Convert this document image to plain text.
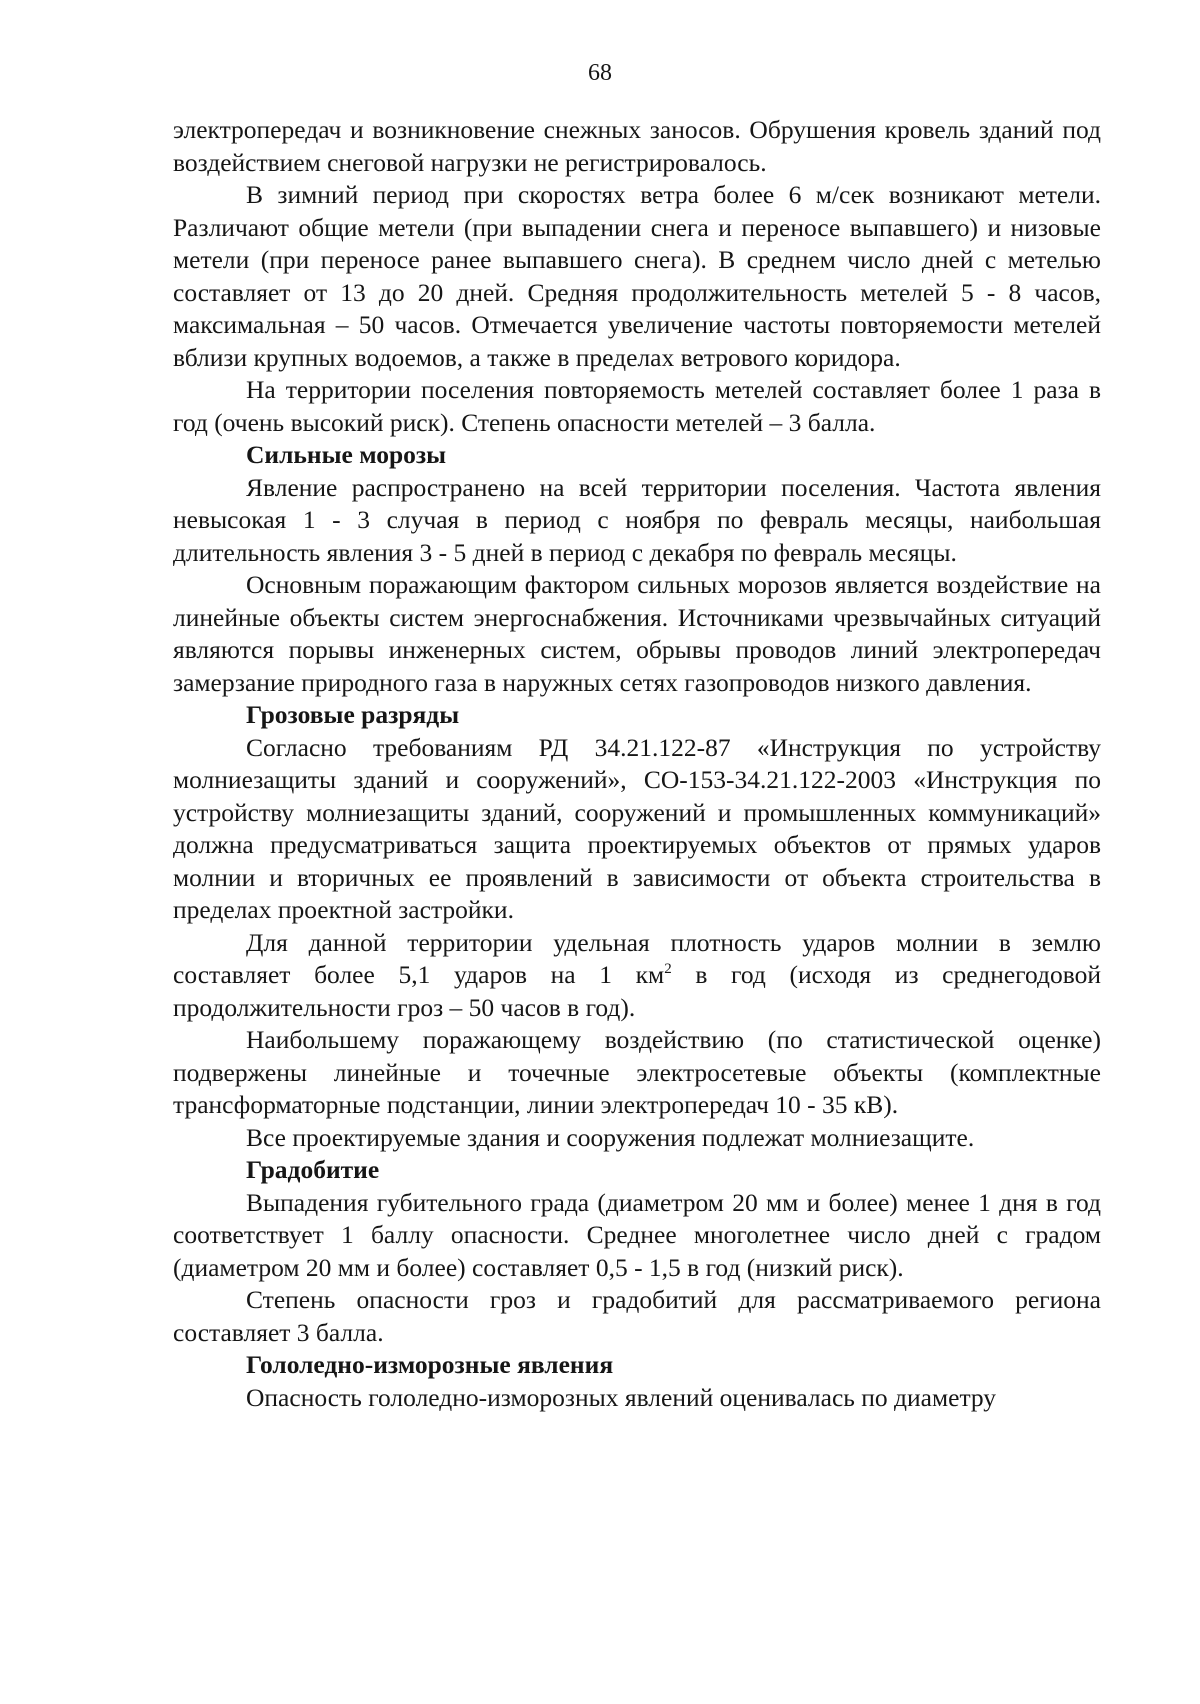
68

электропередач и возникновение снежных заносов. Обрушения кровель зданий под воздействием снеговой нагрузки не регистрировалось.

В зимний период при скоростях ветра более 6 м/сек возникают метели. Различают общие метели (при выпадении снега и переносе выпавшего) и низовые метели (при переносе ранее выпавшего снега). В среднем число дней с метелью составляет от 13 до 20 дней. Средняя продолжительность метелей 5 - 8 часов, максимальная – 50 часов. Отмечается увеличение частоты повторяемости метелей вблизи крупных водоемов, а также в пределах ветрового коридора.

На территории поселения повторяемость метелей составляет более 1 раза в год (очень высокий риск). Степень опасности метелей – 3 балла.

Сильные морозы

Явление распространено на всей территории поселения. Частота явления невысокая 1 - 3 случая в период с ноября по февраль месяцы, наибольшая длительность явления 3 - 5 дней в период с декабря по февраль месяцы.

Основным поражающим фактором сильных морозов является воздействие на линейные объекты систем энергоснабжения. Источниками чрезвычайных ситуаций являются порывы инженерных систем, обрывы проводов линий электропередач замерзание природного газа в наружных сетях газопроводов низкого давления.

Грозовые разряды

Согласно требованиям РД 34.21.122-87 «Инструкция по устройству молниезащиты зданий и сооружений», СО-153-34.21.122-2003 «Инструкция по устройству молниезащиты зданий, сооружений и промышленных коммуникаций» должна предусматриваться защита проектируемых объектов от прямых ударов молнии и вторичных ее проявлений в зависимости от объекта строительства в пределах проектной застройки.

Для данной территории удельная плотность ударов молнии в землю составляет более 5,1 ударов на 1 $км^2$ в год (исходя из среднегодовой продолжительности гроз – 50 часов в год).

Наибольшему поражающему воздействию (по статистической оценке) подвержены линейные и точечные электросетевые объекты (комплектные трансформаторные подстанции, линии электропередач 10 - 35 кВ).

Все проектируемые здания и сооружения подлежат молниезащите.

Градобитие

Выпадения губительного града (диаметром 20 мм и более) менее 1 дня в год соответствует 1 баллу опасности. Среднее многолетнее число дней с градом (диаметром 20 мм и более) составляет 0,5 - 1,5 в год (низкий риск).

Степень опасности гроз и градобитий для рассматриваемого региона составляет 3 балла.

Гололедно-изморозные явления

Опасность гололедно-изморозных явлений оценивалась по диаметру
